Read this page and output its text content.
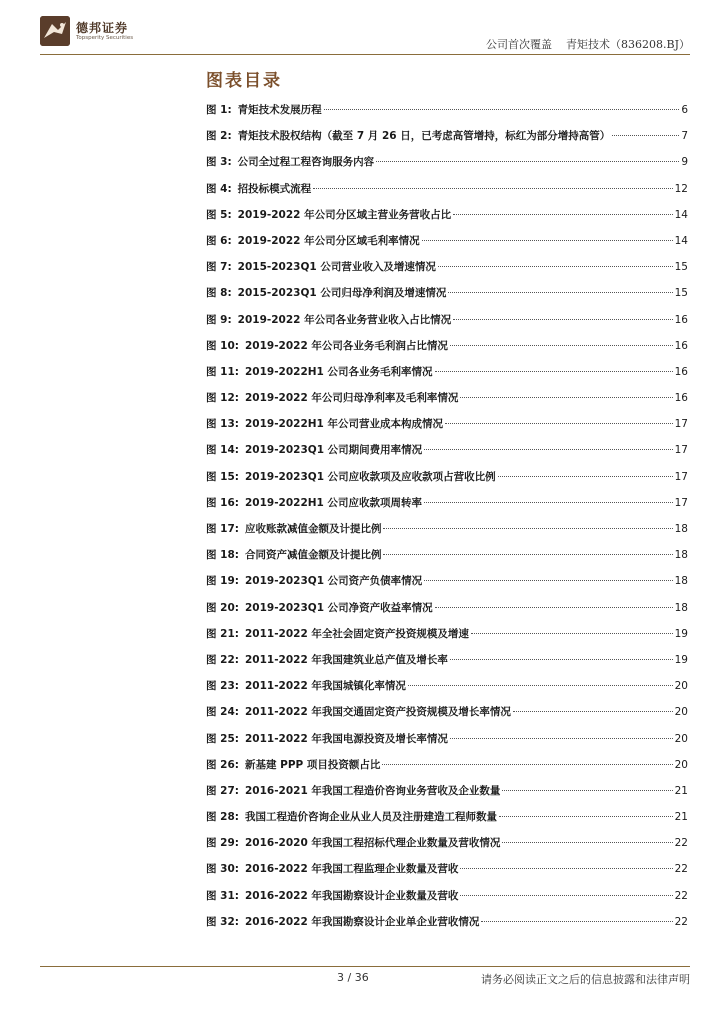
德邦证券
Topsperity Securities	公司首次覆盖 青矩技术（836208.BJ）
图表目录
图 1: 青矩技术发展历程	6
图 2: 青矩技术股权结构（截至 7 月 26 日，已考虑高管增持，标红为部分增持高管）	7
图 3: 公司全过程工程咨询服务内容	9
图 4: 招投标模式流程	12
图 5: 2019-2022 年公司分区域主营业务营收占比	14
图 6: 2019-2022 年公司分区域毛利率情况	14
图 7: 2015-2023Q1 公司营业收入及增速情况	15
图 8: 2015-2023Q1 公司归母净利润及增速情况	15
图 9: 2019-2022 年公司各业务营业收入占比情况	16
图 10: 2019-2022 年公司各业务毛利润占比情况	16
图 11: 2019-2022H1 公司各业务毛利率情况	16
图 12: 2019-2022 年公司归母净利率及毛利率情况	16
图 13: 2019-2022H1 年公司营业成本构成情况	17
图 14: 2019-2023Q1 公司期间费用率情况	17
图 15: 2019-2023Q1 公司应收款项及应收款项占营收比例	17
图 16: 2019-2022H1 公司应收款项周转率	17
图 17: 应收账款减值金额及计提比例	18
图 18: 合同资产减值金额及计提比例	18
图 19: 2019-2023Q1 公司资产负债率情况	18
图 20: 2019-2023Q1 公司净资产收益率情况	18
图 21: 2011-2022 年全社会固定资产投资规模及增速	19
图 22: 2011-2022 年我国建筑业总产值及增长率	19
图 23: 2011-2022 年我国城镇化率情况	20
图 24: 2011-2022 年我国交通固定资产投资规模及增长率情况	20
图 25: 2011-2022 年我国电源投资及增长率情况	20
图 26: 新基建 PPP 项目投资额占比	20
图 27: 2016-2021 年我国工程造价咨询业务营收及企业数量	21
图 28: 我国工程造价咨询企业从业人员及注册建造工程师数量	21
图 29: 2016-2020 年我国工程招标代理企业数量及营收情况	22
图 30: 2016-2022 年我国工程监理企业数量及营收	22
图 31: 2016-2022 年我国勘察设计企业数量及营收	22
图 32: 2016-2022 年我国勘察设计企业单企业营收情况	22
3 / 36	请务必阅读正文之后的信息披露和法律声明
